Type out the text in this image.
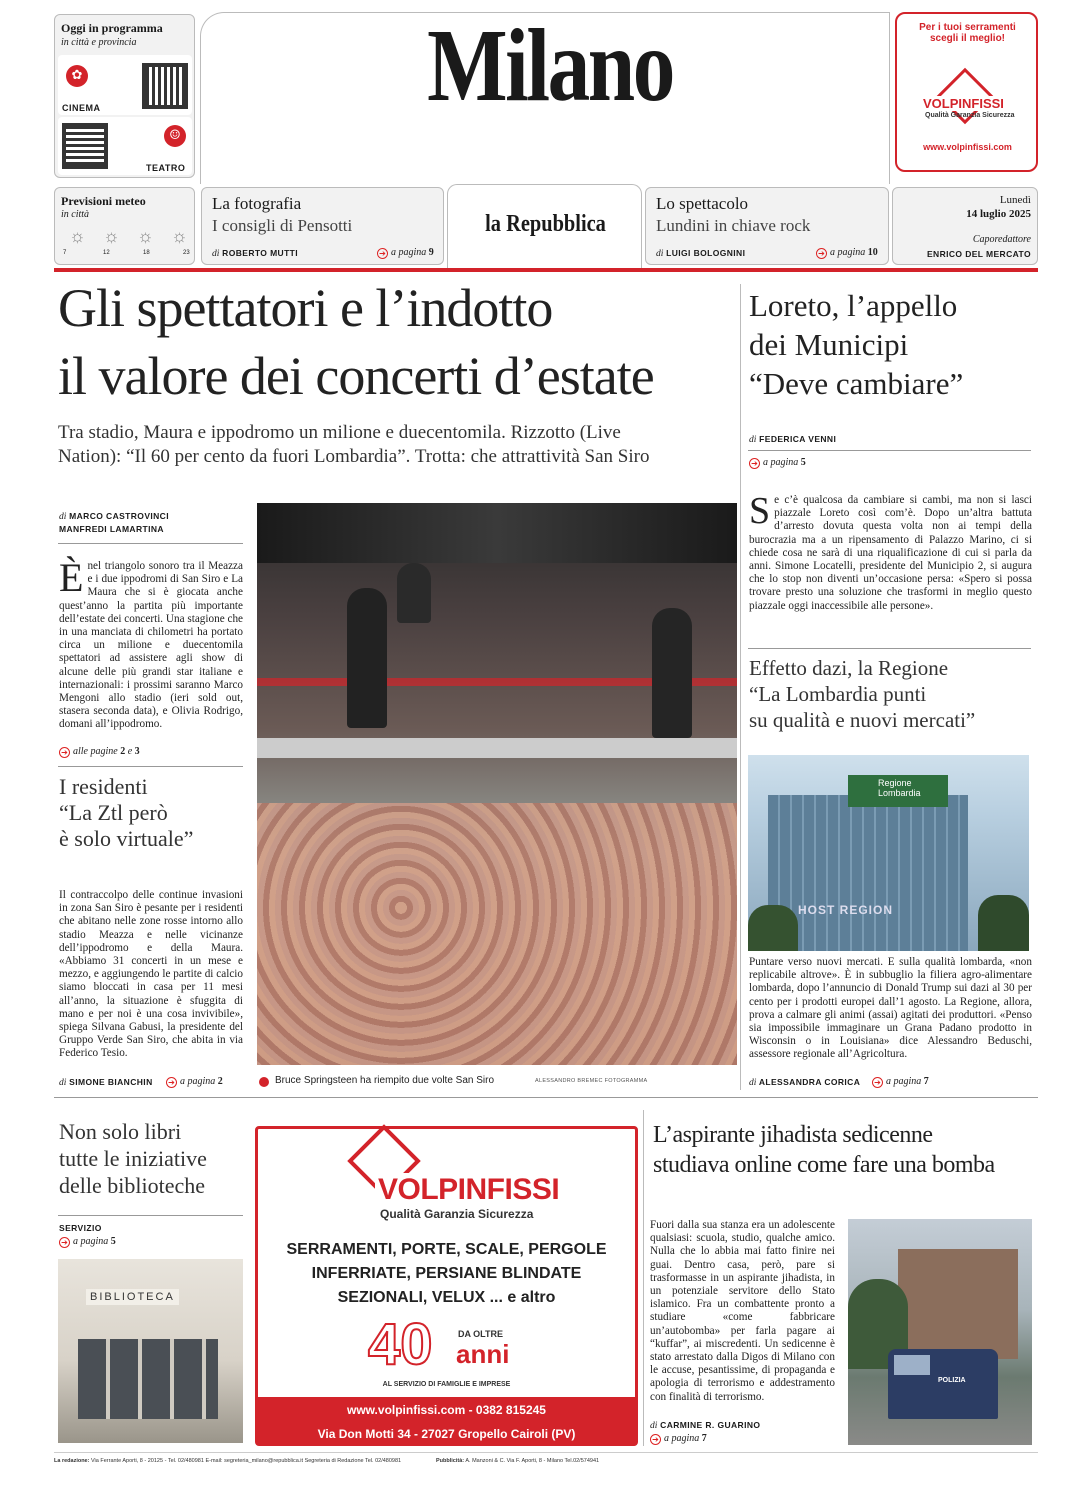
Oggi in programma
in città e provincia
✿
CINEMA
☺
TEATRO
Milano	Per i tuoi serramenti scegli il meglio!
VOLPINFISSI
Qualità Garanzia Sicurezza
www.volpinfissi.com
Previsioni meteo
in città
☼ ☼ ☼ ☼
7	12	18	23
La fotografia
I consigli di Pensotti
di ROBERTO MUTTI	➔ a pagina 9
la Repubblica
Lo spettacolo
Lundini in chiave rock
di LUIGI BOLOGNINI	➔ a pagina 10
Lunedì
14 luglio 2025
Caporedattore
ENRICO DEL MERCATO
Gli spettatori e l’indotto
il valore dei concerti d’estate
Tra stadio, Maura e ippodromo un milione e duecentomila. Rizzotto (Live
Nation): “Il 60 per cento da fuori Lombardia”. Trotta: che attrattività San Siro
di MARCO CASTROVINCI
MANFREDI LAMARTINA
Ènel triangolo sonoro tra il Meazza e i due ippodromi di San Siro e La Maura che si è giocata anche quest’anno la partita più importante dell’estate dei concerti. Una stagione che in una manciata di chilometri ha portato circa un milione e duecentomila spettatori ad assistere agli show di alcune delle più grandi star italiane e internazionali: i prossimi saranno Marco Mengoni allo stadio (ieri sold out, stasera seconda data), e Olivia Rodrigo, domani all’ippodromo.
➔ alle pagine 2 e 3
Bruce Springsteen ha riempito due volte San Siro	ALESSANDRO BREMEC FOTOGRAMMA
I residenti
“La Ztl però
è solo virtuale”
Il contraccolpo delle continue invasioni in zona San Siro è pesante per i residenti che abitano nelle zone rosse intorno allo stadio Meazza e nelle vicinanze dell’ippodromo e della Maura. «Abbiamo 31 concerti in un mese e mezzo, e aggiungendo le partite di calcio siamo bloccati in casa per 11 mesi all’anno, la situazione è sfuggita di mano e per noi è una cosa invivibile», spiega Silvana Gabusi, la presidente del Gruppo Verde San Siro, che abita in via Federico Tesio.
di SIMONE BIANCHIN ➔ a pagina 2
Loreto, l’appello
dei Municipi
“Deve cambiare”
di FEDERICA VENNI
➔ a pagina 5
Se c’è qualcosa da cambiare si cambi, ma non si lasci piazzale Loreto così com’è. Dopo un’altra battuta d’arresto dovuta questa volta non ai tempi della burocrazia ma a un ripensamento di Palazzo Marino, ci si chiede cosa ne sarà di una riqualificazione di cui si parla da anni. Simone Locatelli, presidente del Municipio 2, si augura che lo stop non diventi un’occasione persa: «Spero si possa trovare presto una soluzione che trasformi in meglio questo piazzale oggi inaccessibile alle persone».
Effetto dazi, la Regione
“La Lombardia punti
su qualità e nuovi mercati”
Regione
Lombardia
HOST REGION
Puntare verso nuovi mercati. E sulla qualità lombarda, «non replicabile altrove». È in subbuglio la filiera agro-alimentare lombarda, dopo l’annuncio di Donald Trump sui dazi al 30 per cento per i prodotti europei dall’1 agosto. La Regione, allora, prova a calmare gli animi (assai) agitati dei produttori. «Penso sia impossibile immaginare un Grana Padano prodotto in Wisconsin o in Louisiana» dice Alessandro Beduschi, assessore regionale all’Agricoltura.
di ALESSANDRA CORICA ➔ a pagina 7
Non solo libri
tutte le iniziative
delle biblioteche
SERVIZIO
➔ a pagina 5
BIBLIOTECA
VOLPINFISSI
Qualità Garanzia Sicurezza
SERRAMENTI, PORTE, SCALE, PERGOLE
INFERRIATE, PERSIANE BLINDATE
SEZIONALI, VELUX ... e altro
40	DA OLTRE
anni
AL SERVIZIO DI FAMIGLIE E IMPRESE
www.volpinfissi.com - 0382 815245
Via Don Motti 34 - 27027 Gropello Cairoli (PV)
L’aspirante jihadista sedicenne
studiava online come fare una bomba
Fuori dalla sua stanza era un adolescente qualsiasi: scuola, studio, qualche amico. Nulla che lo abbia mai fatto finire nei guai. Dentro casa, però, pare si trasformasse in un aspirante jihadista, in un potenziale servitore dello Stato islamico. Fra un combattente pronto a studiare «come fabbricare un’autobomba» per farla pagare ai “kuffar”, ai miscredenti. Un sedicenne è stato arrestato dalla Digos di Milano con le accuse, pesantissime, di propaganda e apologia di terrorismo e addestramento con finalità di terrorismo.
di CARMINE R. GUARINO
➔ a pagina 7
POLIZIA
La redazione: Via Ferrante Aporti, 8 - 20125 - Tel. 02/480981 E-mail: segreteria_milano@repubblica.it Segreteria di Redazione Tel. 02/480981	Pubblicità: A. Manzoni & C. Via F. Aporti, 8 - Milano Tel.02/574941
